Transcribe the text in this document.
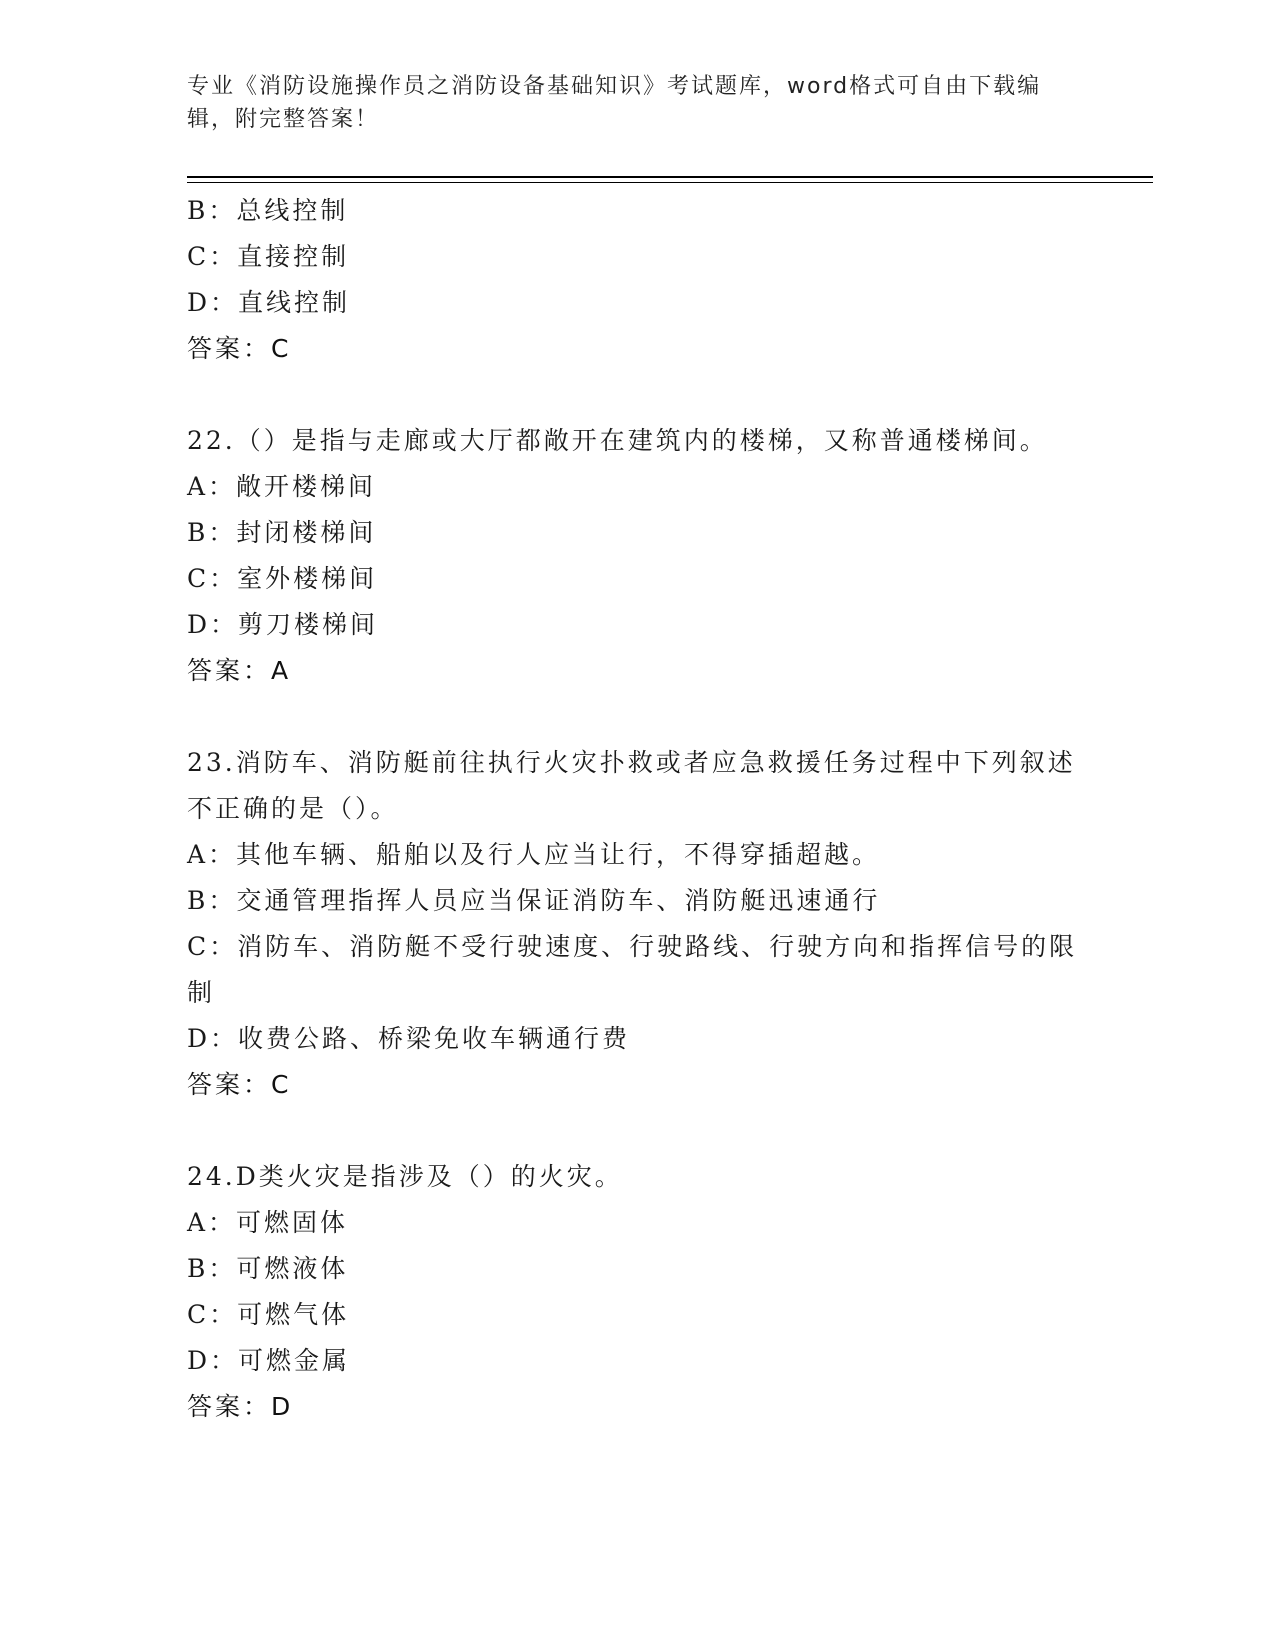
专业《消防设施操作员之消防设备基础知识》考试题库，word格式可自由下载编辑，附完整答案！
B：总线控制
C：直接控制
D：直线控制
答案：C
22.（）是指与走廊或大厅都敞开在建筑内的楼梯，又称普通楼梯间。
A：敞开楼梯间
B：封闭楼梯间
C：室外楼梯间
D：剪刀楼梯间
答案：A
23.消防车、消防艇前往执行火灾扑救或者应急救援任务过程中下列叙述不正确的是（）。
A：其他车辆、船舶以及行人应当让行，不得穿插超越。
B：交通管理指挥人员应当保证消防车、消防艇迅速通行
C：消防车、消防艇不受行驶速度、行驶路线、行驶方向和指挥信号的限制
D：收费公路、桥梁免收车辆通行费
答案：C
24.D类火灾是指涉及（）的火灾。
A：可燃固体
B：可燃液体
C：可燃气体
D：可燃金属
答案：D
